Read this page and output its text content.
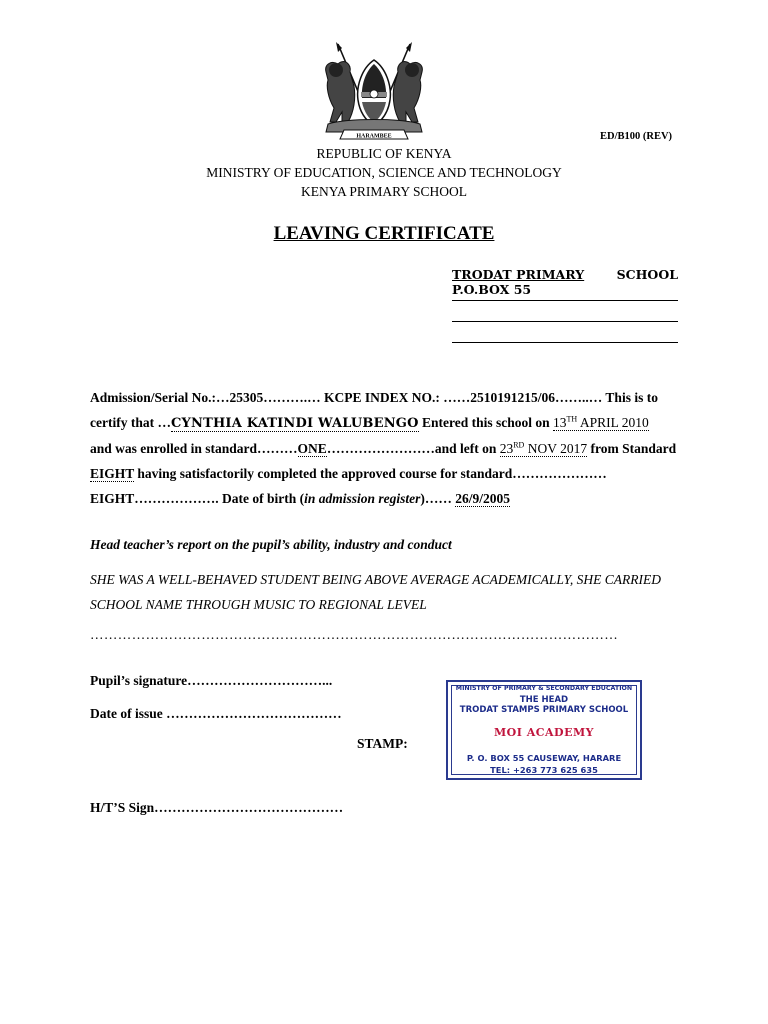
HARAMBEE	ED/B100 (REV)
REPUBLIC OF KENYA
MINISTRY OF EDUCATION, SCIENCE AND TECHNOLOGY
KENYA PRIMARY SCHOOL
LEAVING CERTIFICATE
TRODAT PRIMARY	SCHOOL
P.O.BOX 55
Admission/Serial No.:…25305……….… KCPE INDEX NO.: ……2510191215/06……..… This is to certify that …CYNTHIA KATINDI WALUBENGO Entered this school on 13TH APRIL 2010
and was enrolled in standard………ONE……………………and left on 23RD NOV 2017 from Standard EIGHT having satisfactorily completed the approved course for standard…………………EIGHT………………. Date of birth (in admission register)…… 26/9/2005
Head teacher’s report on the pupil’s ability, industry and conduct
SHE WAS A WELL-BEHAVED STUDENT BEING ABOVE AVERAGE ACADEMICALLY, SHE CARRIED SCHOOL NAME THROUGH MUSIC TO REGIONAL LEVEL
……………………………………………………………………………………………………
Pupil’s signature…………………………...
Date of issue …………………………………
STAMP:
H/T’S Sign……………………………………
MINISTRY OF PRIMARY & SECONDARY EDUCATION
THE HEAD
TRODAT STAMPS PRIMARY SCHOOL
MOI ACADEMY
P. O. BOX 55 CAUSEWAY, HARARE
TEL: +263 773 625 635
